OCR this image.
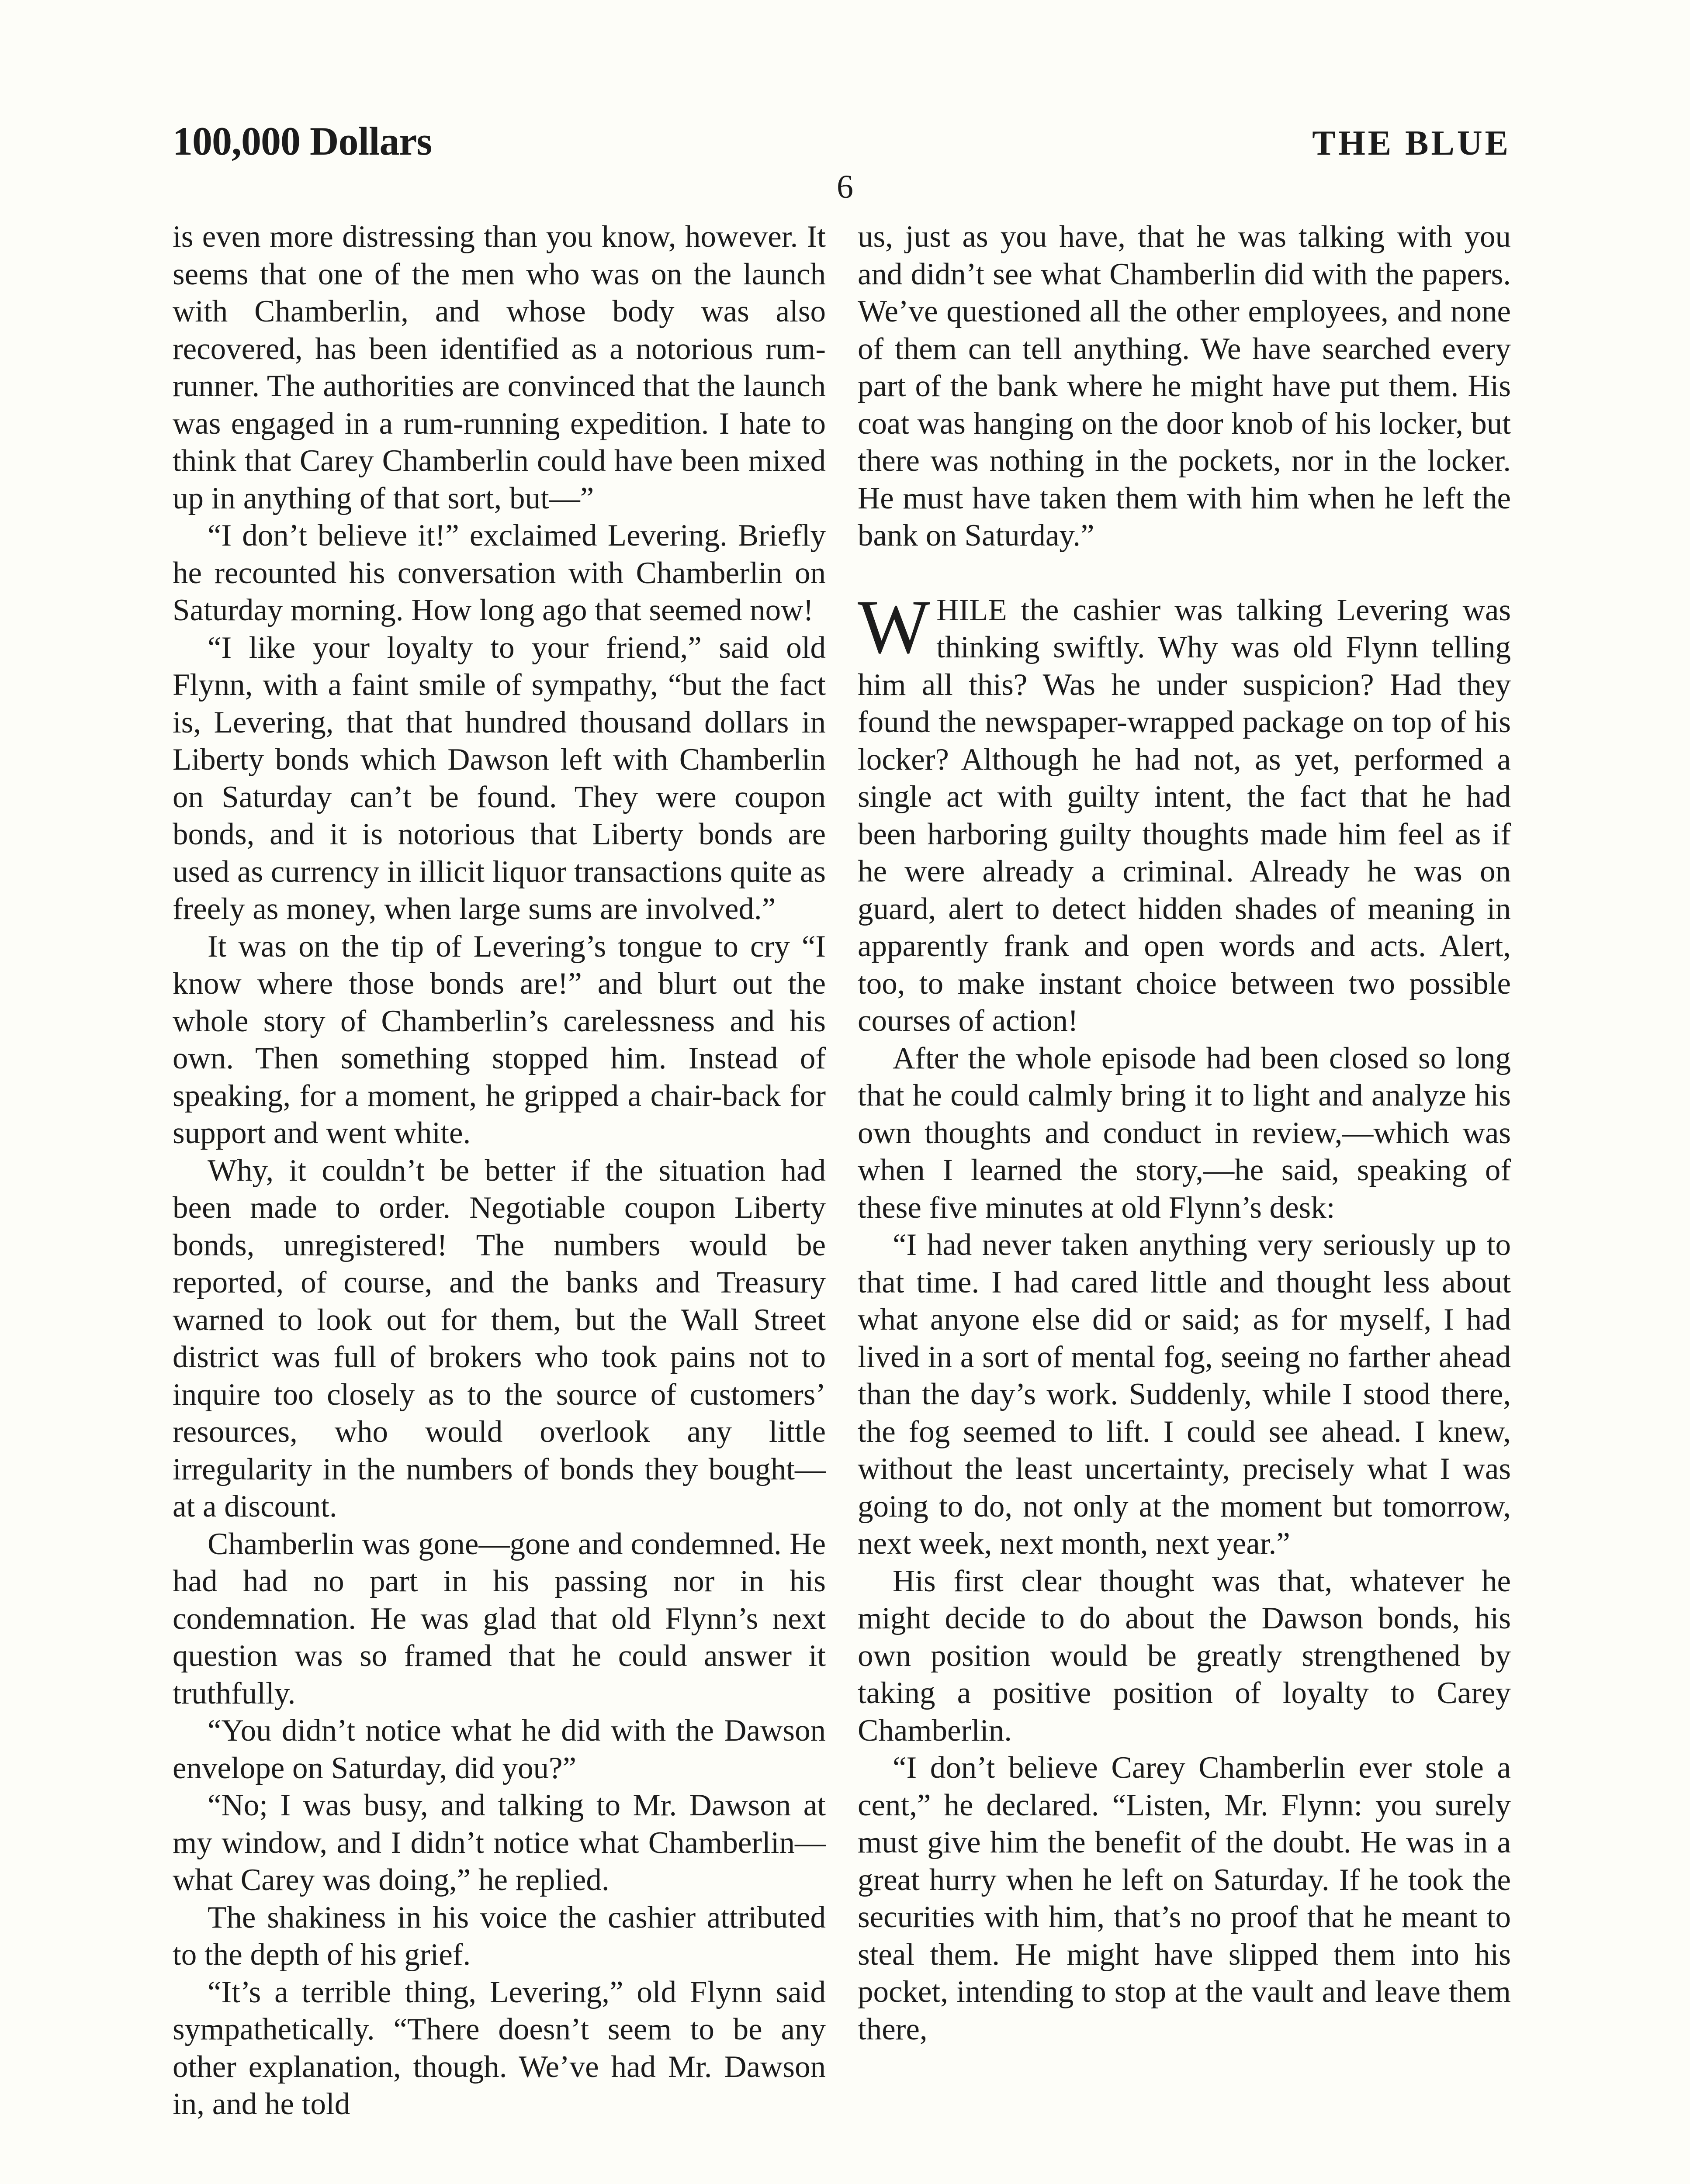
100,000 Dollars	THE BLUE
6

is even more distressing than you know, however. It seems that one of the men who was on the launch with Chamberlin, and whose body was also recovered, has been identified as a notorious rum-runner. The authorities are convinced that the launch was engaged in a rum-running expedition. I hate to think that Carey Chamberlin could have been mixed up in anything of that sort, but—”

“I don’t believe it!” exclaimed Levering. Briefly he recounted his conversation with Chamberlin on Saturday morning. How long ago that seemed now!

“I like your loyalty to your friend,” said old Flynn, with a faint smile of sympathy, “but the fact is, Levering, that that hundred thousand dollars in Liberty bonds which Dawson left with Chamberlin on Saturday can’t be found. They were coupon bonds, and it is notorious that Liberty bonds are used as currency in illicit liquor transactions quite as freely as money, when large sums are involved.”

It was on the tip of Levering’s tongue to cry “I know where those bonds are!” and blurt out the whole story of Chamberlin’s carelessness and his own. Then something stopped him. Instead of speaking, for a moment, he gripped a chair-back for support and went white.

Why, it couldn’t be better if the situation had been made to order. Negotiable coupon Liberty bonds, unregistered! The numbers would be reported, of course, and the banks and Treasury warned to look out for them, but the Wall Street district was full of brokers who took pains not to inquire too closely as to the source of customers’ resources, who would overlook any little irregularity in the numbers of bonds they bought—at a discount.

Chamberlin was gone—gone and condemned. He had had no part in his passing nor in his condemnation. He was glad that old Flynn’s next question was so framed that he could answer it truthfully.

“You didn’t notice what he did with the Dawson envelope on Saturday, did you?”

“No; I was busy, and talking to Mr. Dawson at my window, and I didn’t notice what Chamberlin—what Carey was doing,” he replied.

The shakiness in his voice the cashier attributed to the depth of his grief.

“It’s a terrible thing, Levering,” old Flynn said sympathetically. “There doesn’t seem to be any other explanation, though. We’ve had Mr. Dawson in, and he told

us, just as you have, that he was talking with you and didn’t see what Chamberlin did with the papers. We’ve questioned all the other employees, and none of them can tell anything. We have searched every part of the bank where he might have put them. His coat was hanging on the door knob of his locker, but there was nothing in the pockets, nor in the locker. He must have taken them with him when he left the bank on Saturday.”

WHILE the cashier was talking Levering was thinking swiftly. Why was old Flynn telling him all this? Was he under suspicion? Had they found the newspaper-wrapped package on top of his locker? Although he had not, as yet, performed a single act with guilty intent, the fact that he had been harboring guilty thoughts made him feel as if he were already a criminal. Already he was on guard, alert to detect hidden shades of meaning in apparently frank and open words and acts. Alert, too, to make instant choice between two possible courses of action!

After the whole episode had been closed so long that he could calmly bring it to light and analyze his own thoughts and conduct in review,—which was when I learned the story,—he said, speaking of these five minutes at old Flynn’s desk:

“I had never taken anything very seriously up to that time. I had cared little and thought less about what anyone else did or said; as for myself, I had lived in a sort of mental fog, seeing no farther ahead than the day’s work. Suddenly, while I stood there, the fog seemed to lift. I could see ahead. I knew, without the least uncertainty, precisely what I was going to do, not only at the moment but tomorrow, next week, next month, next year.”

His first clear thought was that, whatever he might decide to do about the Dawson bonds, his own position would be greatly strengthened by taking a positive position of loyalty to Carey Chamberlin.

“I don’t believe Carey Chamberlin ever stole a cent,” he declared. “Listen, Mr. Flynn: you surely must give him the benefit of the doubt. He was in a great hurry when he left on Saturday. If he took the securities with him, that’s no proof that he meant to steal them. He might have slipped them into his pocket, intending to stop at the vault and leave them there,
